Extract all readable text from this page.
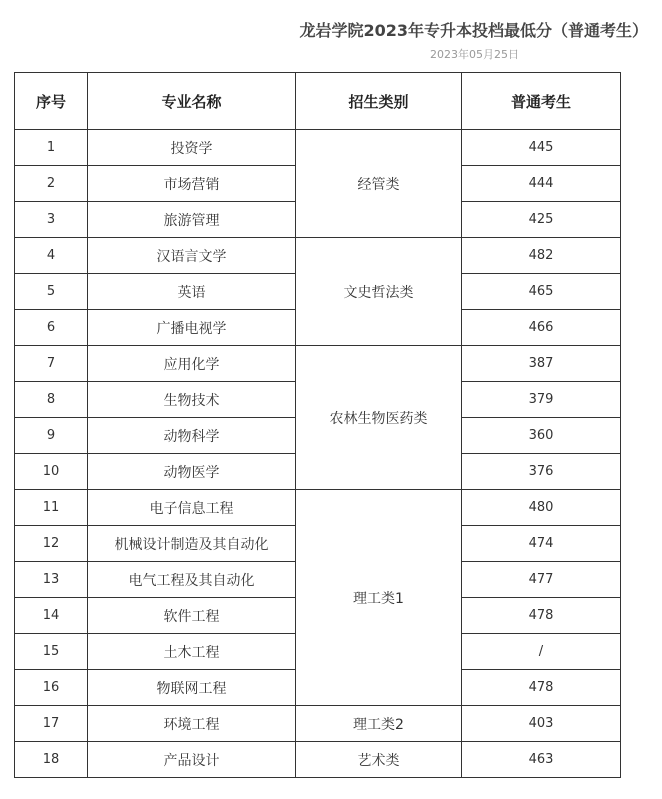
龙岩学院2023年专升本投档最低分（普通考生）
2023年05月25日
序号	专业名称	招生类别	普通考生
1	投资学	经管类	445
2	市场营销		444
3	旅游管理		425
4	汉语言文学	文史哲法类	482
5	英语		465
6	广播电视学		466
7	应用化学	农林生物医药类	387
8	生物技术		379
9	动物科学		360
10	动物医学		376
11	电子信息工程	理工类1	480
12	机械设计制造及其自动化		474
13	电气工程及其自动化		477
14	软件工程		478
15	土木工程		/
16	物联网工程		478
17	环境工程	理工类2	403
18	产品设计	艺术类	463
